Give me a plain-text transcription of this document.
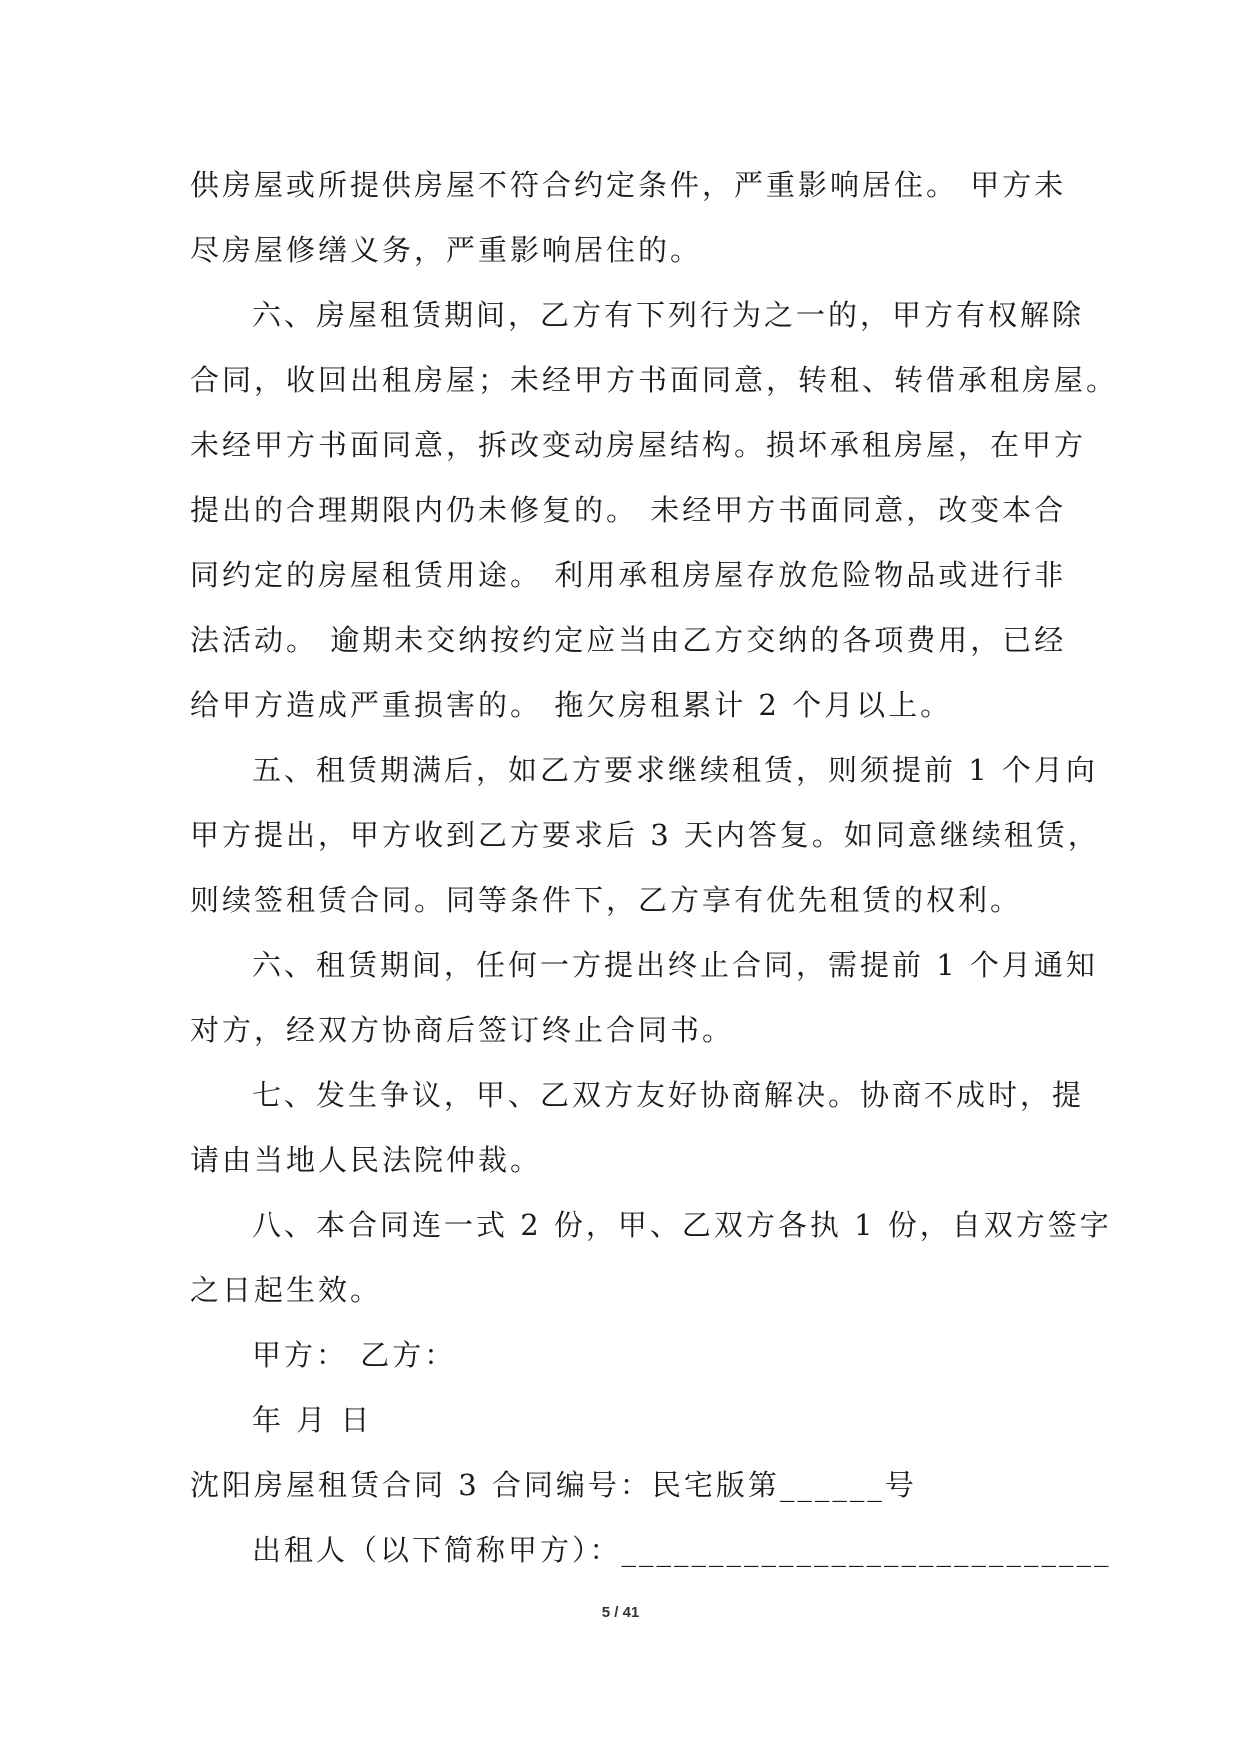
供房屋或所提供房屋不符合约定条件，严重影响居住。 甲方未
尽房屋修缮义务，严重影响居住的。
六、房屋租赁期间，乙方有下列行为之一的，甲方有权解除
合同，收回出租房屋；未经甲方书面同意，转租、转借承租房屋。
未经甲方书面同意，拆改变动房屋结构。损坏承租房屋，在甲方
提出的合理期限内仍未修复的。 未经甲方书面同意，改变本合
同约定的房屋租赁用途。 利用承租房屋存放危险物品或进行非
法活动。 逾期未交纳按约定应当由乙方交纳的各项费用，已经
给甲方造成严重损害的。 拖欠房租累计 2 个月以上。
五、租赁期满后，如乙方要求继续租赁，则须提前 1 个月向
甲方提出，甲方收到乙方要求后 3 天内答复。如同意继续租赁，
则续签租赁合同。同等条件下，乙方享有优先租赁的权利。
六、租赁期间，任何一方提出终止合同，需提前 1 个月通知
对方，经双方协商后签订终止合同书。
七、发生争议，甲、乙双方友好协商解决。协商不成时，提
请由当地人民法院仲裁。
八、本合同连一式 2 份，甲、乙双方各执 1 份，自双方签字
之日起生效。
甲方： 乙方：
年 月 日
沈阳房屋租赁合同 3 合同编号：民宅版第______号
出租人（以下简称甲方）：____________________________
5 / 41
